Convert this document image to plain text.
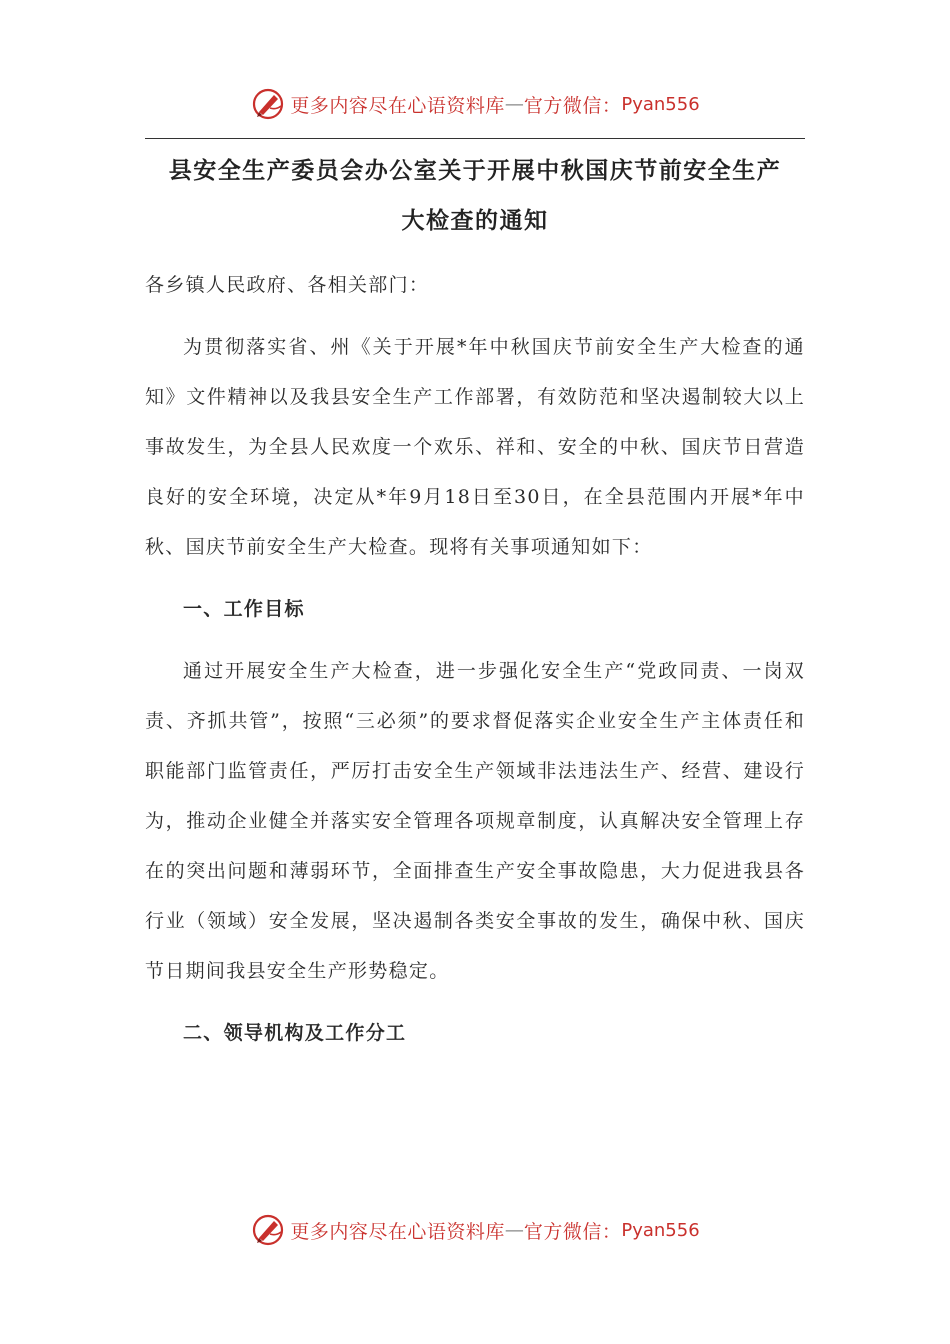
更多内容尽在心语资料库 — 官方微信： Pyan556
县安全生产委员会办公室关于开展中秋国庆节前安全生产
大检查的通知

各乡镇人民政府、各相关部门：

为贯彻落实省、州《关于开展*年中秋国庆节前安全生产大检查的通知》文件精神以及我县安全生产工作部署，有效防范和坚决遏制较大以上事故发生，为全县人民欢度一个欢乐、祥和、安全的中秋、国庆节日营造良好的安全环境，决定从*年9月18日至30日，在全县范围内开展*年中秋、国庆节前安全生产大检查。现将有关事项通知如下：

一、工作目标

通过开展安全生产大检查，进一步强化安全生产“党政同责、一岗双责、齐抓共管”，按照“三必须”的要求督促落实企业安全生产主体责任和职能部门监管责任，严厉打击安全生产领域非法违法生产、经营、建设行为，推动企业健全并落实安全管理各项规章制度，认真解决安全管理上存在的突出问题和薄弱环节，全面排查生产安全事故隐患，大力促进我县各行业（领域）安全发展，坚决遏制各类安全事故的发生，确保中秋、国庆节日期间我县安全生产形势稳定。

二、领导机构及工作分工

更多内容尽在心语资料库 — 官方微信： Pyan556
